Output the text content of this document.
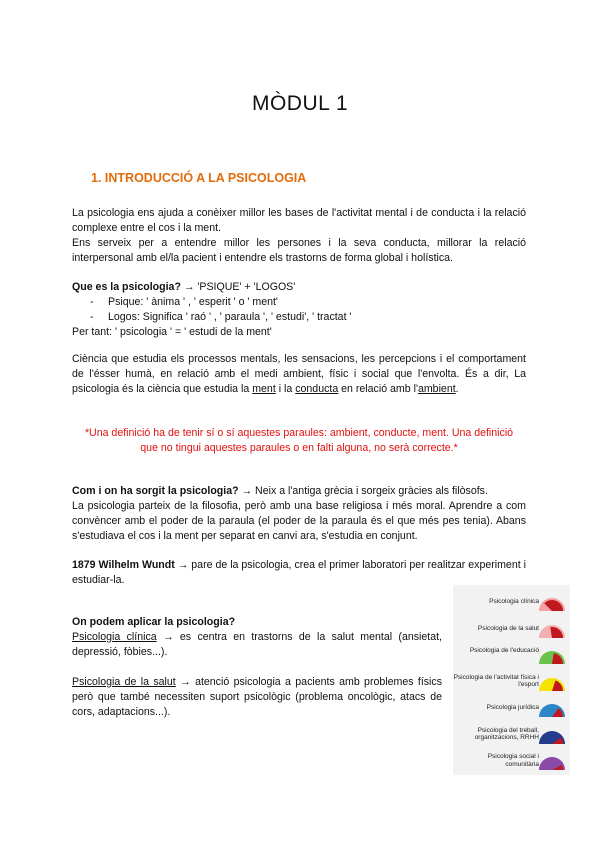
MÒDUL 1
1. INTRODUCCIÓ A LA PSICOLOGIA

La psicologia ens ajuda a conèixer millor les bases de l'activitat mental i de conducta i la relació complexe entre el cos i la ment.

Ens serveix per a entendre millor les persones i la seva conducta, millorar la relació interpersonal amb el/la pacient i entendre els trastorns de forma global i holística.

Que es la psicologia? → 'PSIQUE' + 'LOGOS'

- Psique: ' ànima ' , ' esperit ' o ' ment'

- Logos: Significa ' raó ' , ' paraula ', ' estudi', ' tractat '

Per tant: ' psicologia ' = ' estudi de la ment'

Ciència que estudia els processos mentals, les sensacions, les percepcions i el comportament de l'ésser humà, en relació amb el medi ambient, físic i social que l'envolta. És a dir, La psicologia és la ciència que estudia la ment i la conducta en relació amb l'ambient.

*Una definició ha de tenir sí o sí aquestes paraules: ambient, conducte, ment. Una definició

que no tingui aquestes paraules o en falti alguna, no serà correcte.*

Com i on ha sorgit la psicologia? → Neix a l'antiga grècia i sorgeix gràcies als filòsofs.

La psicologia parteix de la filosofia, però amb una base religiosa i més moral. Aprendre a com convèncer amb el poder de la paraula (el poder de la paraula és el que més pes tenia). Abans s'estudiava el cos i la ment per separat en canvi ara, s'estudia en conjunt.

1879 Wilhelm Wundt → pare de la psicologia, crea el primer laboratori per realitzar experiment i estudiar-la.

On podem aplicar la psicologia?

Psicologia clínica → es centra en trastorns de la salut mental (ansietat, depressió, fòbies...).

Psicologia de la salut → atenció psicologia a pacients amb problemes físics però que també necessiten suport psicològic (problema oncològic, atacs de cors, adaptacions...).

Psicologia clínica
Psicologia de la salut
Psicologia de l'educació
Psicologia de l'activitat física i l'esport
Psicologia jurídica
Psicologia del treball, organitzacions, RRHH
Psicologia social i comunitària
